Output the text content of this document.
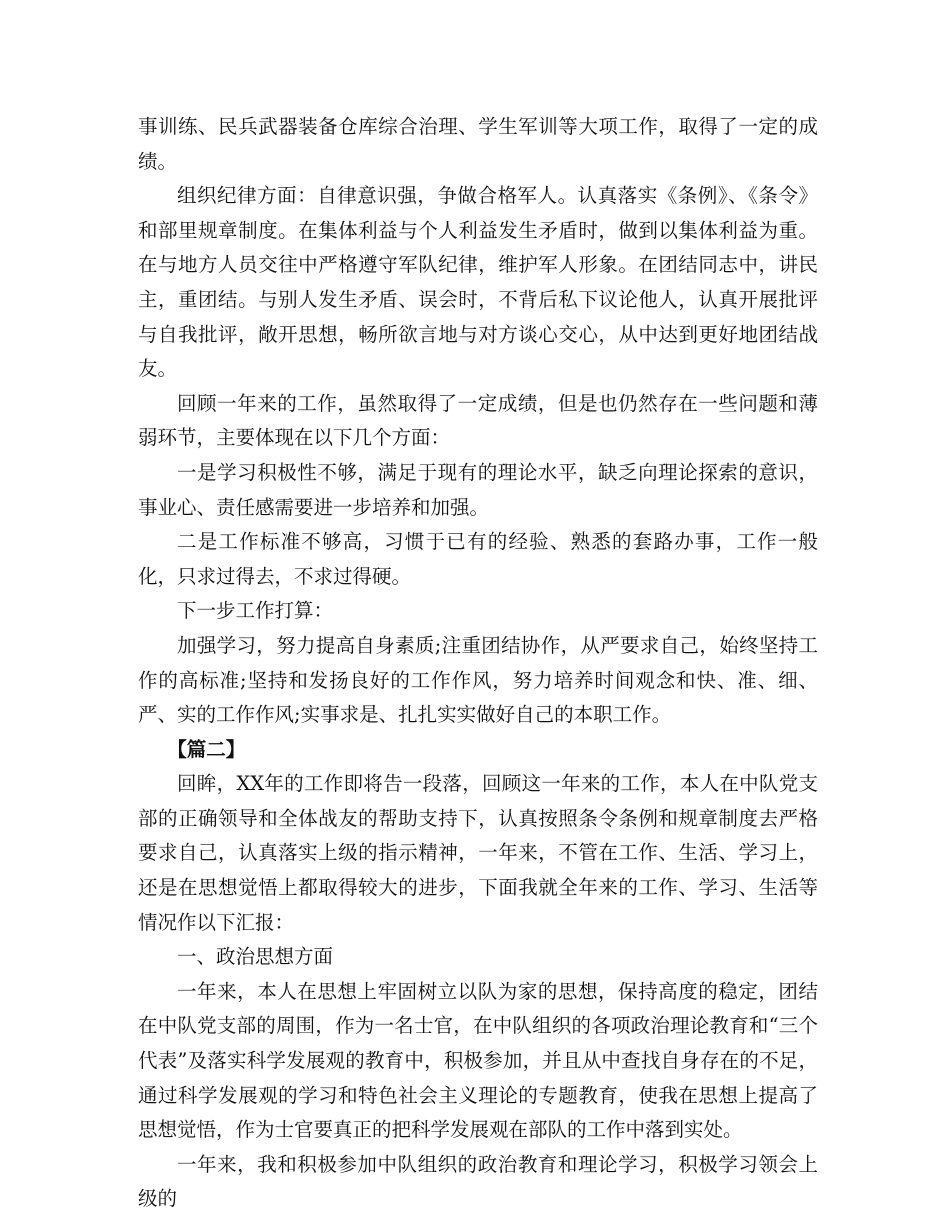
事训练、民兵武器装备仓库综合治理、学生军训等大项工作，取得了一定的成绩。

组织纪律方面：自律意识强，争做合格军人。认真落实《条例》、《条令》和部里规章制度。在集体利益与个人利益发生矛盾时，做到以集体利益为重。在与地方人员交往中严格遵守军队纪律，维护军人形象。在团结同志中，讲民主，重团结。与别人发生矛盾、误会时，不背后私下议论他人，认真开展批评与自我批评，敞开思想，畅所欲言地与对方谈心交心，从中达到更好地团结战友。

回顾一年来的工作，虽然取得了一定成绩，但是也仍然存在一些问题和薄弱环节，主要体现在以下几个方面：

一是学习积极性不够，满足于现有的理论水平，缺乏向理论探索的意识，事业心、责任感需要进一步培养和加强。

二是工作标准不够高，习惯于已有的经验、熟悉的套路办事，工作一般化，只求过得去，不求过得硬。

下一步工作打算：

加强学习，努力提高自身素质;注重团结协作，从严要求自己，始终坚持工作的高标准;坚持和发扬良好的工作作风，努力培养时间观念和快、准、细、严、实的工作作风;实事求是、扎扎实实做好自己的本职工作。

【篇二】

回眸，XX年的工作即将告一段落，回顾这一年来的工作，本人在中队党支部的正确领导和全体战友的帮助支持下，认真按照条令条例和规章制度去严格要求自己，认真落实上级的指示精神，一年来，不管在工作、生活、学习上，还是在思想觉悟上都取得较大的进步，下面我就全年来的工作、学习、生活等情况作以下汇报：

一、政治思想方面

一年来，本人在思想上牢固树立以队为家的思想，保持高度的稳定，团结在中队党支部的周围，作为一名士官，在中队组织的各项政治理论教育和“三个代表”及落实科学发展观的教育中，积极参加，并且从中查找自身存在的不足，通过科学发展观的学习和特色社会主义理论的专题教育，使我在思想上提高了思想觉悟，作为士官要真正的把科学发展观在部队的工作中落到实处。

一年来，我和积极参加中队组织的政治教育和理论学习，积极学习领会上级的
